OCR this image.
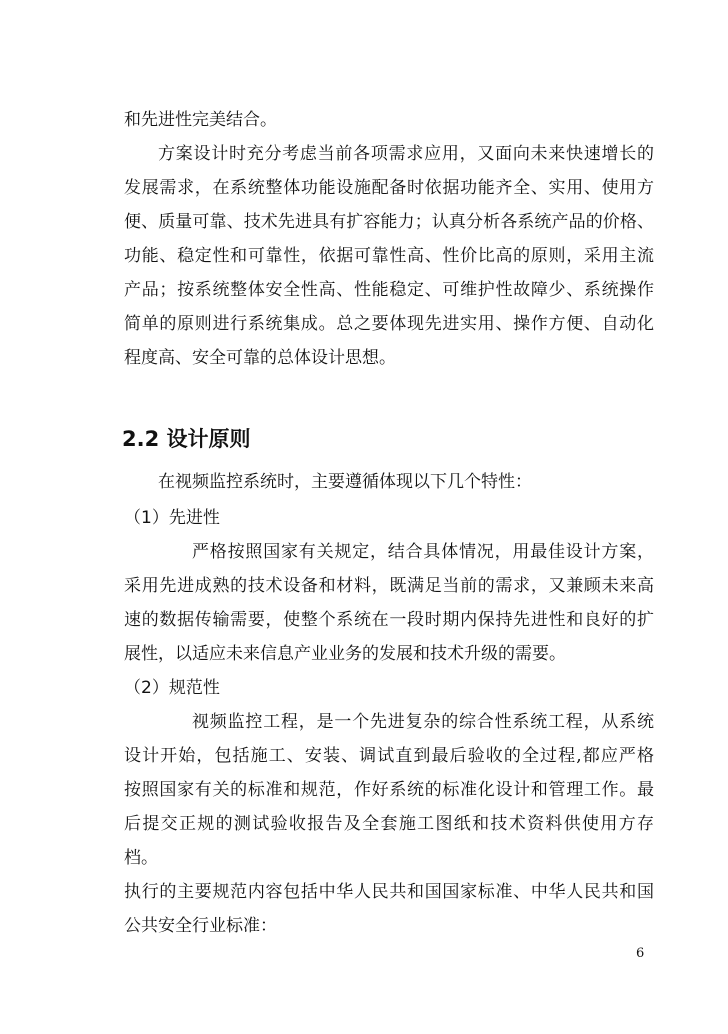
和先进性完美结合。
方案设计时充分考虑当前各项需求应用，又面向未来快速增长的
发展需求，在系统整体功能设施配备时依据功能齐全、实用、使用方
便、质量可靠、技术先进具有扩容能力；认真分析各系统产品的价格、
功能、稳定性和可靠性，依据可靠性高、性价比高的原则，采用主流
产品；按系统整体安全性高、性能稳定、可维护性故障少、系统操作
简单的原则进行系统集成。总之要体现先进实用、操作方便、自动化
程度高、安全可靠的总体设计思想。
2.2 设计原则
在视频监控系统时，主要遵循体现以下几个特性：
（1）先进性
严格按照国家有关规定，结合具体情况，用最佳设计方案，
采用先进成熟的技术设备和材料，既满足当前的需求，又兼顾未来高
速的数据传输需要，使整个系统在一段时期内保持先进性和良好的扩
展性，以适应未来信息产业业务的发展和技术升级的需要。
（2）规范性
视频监控工程，是一个先进复杂的综合性系统工程，从系统
设计开始，包括施工、安装、调试直到最后验收的全过程,都应严格
按照国家有关的标准和规范，作好系统的标准化设计和管理工作。最
后提交正规的测试验收报告及全套施工图纸和技术资料供使用方存
档。
执行的主要规范内容包括中华人民共和国国家标准、中华人民共和国
公共安全行业标准：
6
